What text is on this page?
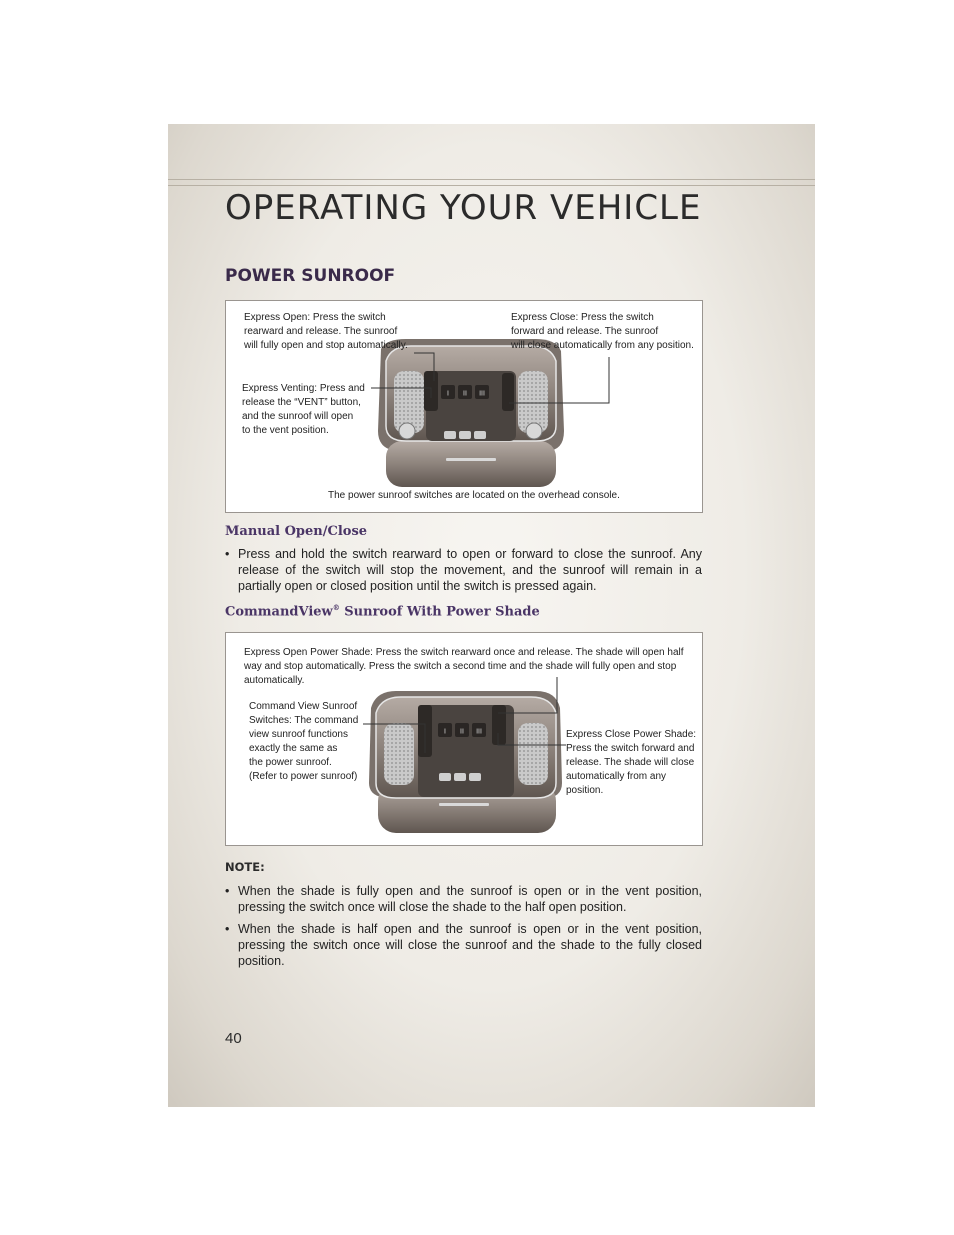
OPERATING YOUR VEHICLE
POWER SUNROOF
I II III
Express Open: Press the switch
rearward and release. The sunroof
will fully open and stop automatically.
Express Close: Press the switch
forward and release. The sunroof
will close automatically from any position.
Express Venting: Press and
release the “VENT” button,
and the sunroof will open
to the vent position.
The power sunroof switches are located on the overhead console.
Manual Open/Close
• Press and hold the switch rearward to open or forward to close the sunroof. Any release of the switch will stop the movement, and the sunroof will remain in a partially open or closed position until the switch is pressed again.
CommandView® Sunroof With Power Shade
I II III
Express Open Power Shade: Press the switch rearward once and release. The shade will open half
way and stop automatically. Press the switch a second time and the shade will fully open and stop
automatically.
Command View Sunroof
Switches: The command
view sunroof functions
exactly the same as
the power sunroof.
(Refer to power sunroof)
Express Close Power Shade:
Press the switch forward and
release. The shade will close
automatically from any
position.
NOTE:
• When the shade is fully open and the sunroof is open or in the vent position, pressing the switch once will close the shade to the half open position.
• When the shade is half open and the sunroof is open or in the vent position, pressing the switch once will close the sunroof and the shade to the fully closed position.
40
